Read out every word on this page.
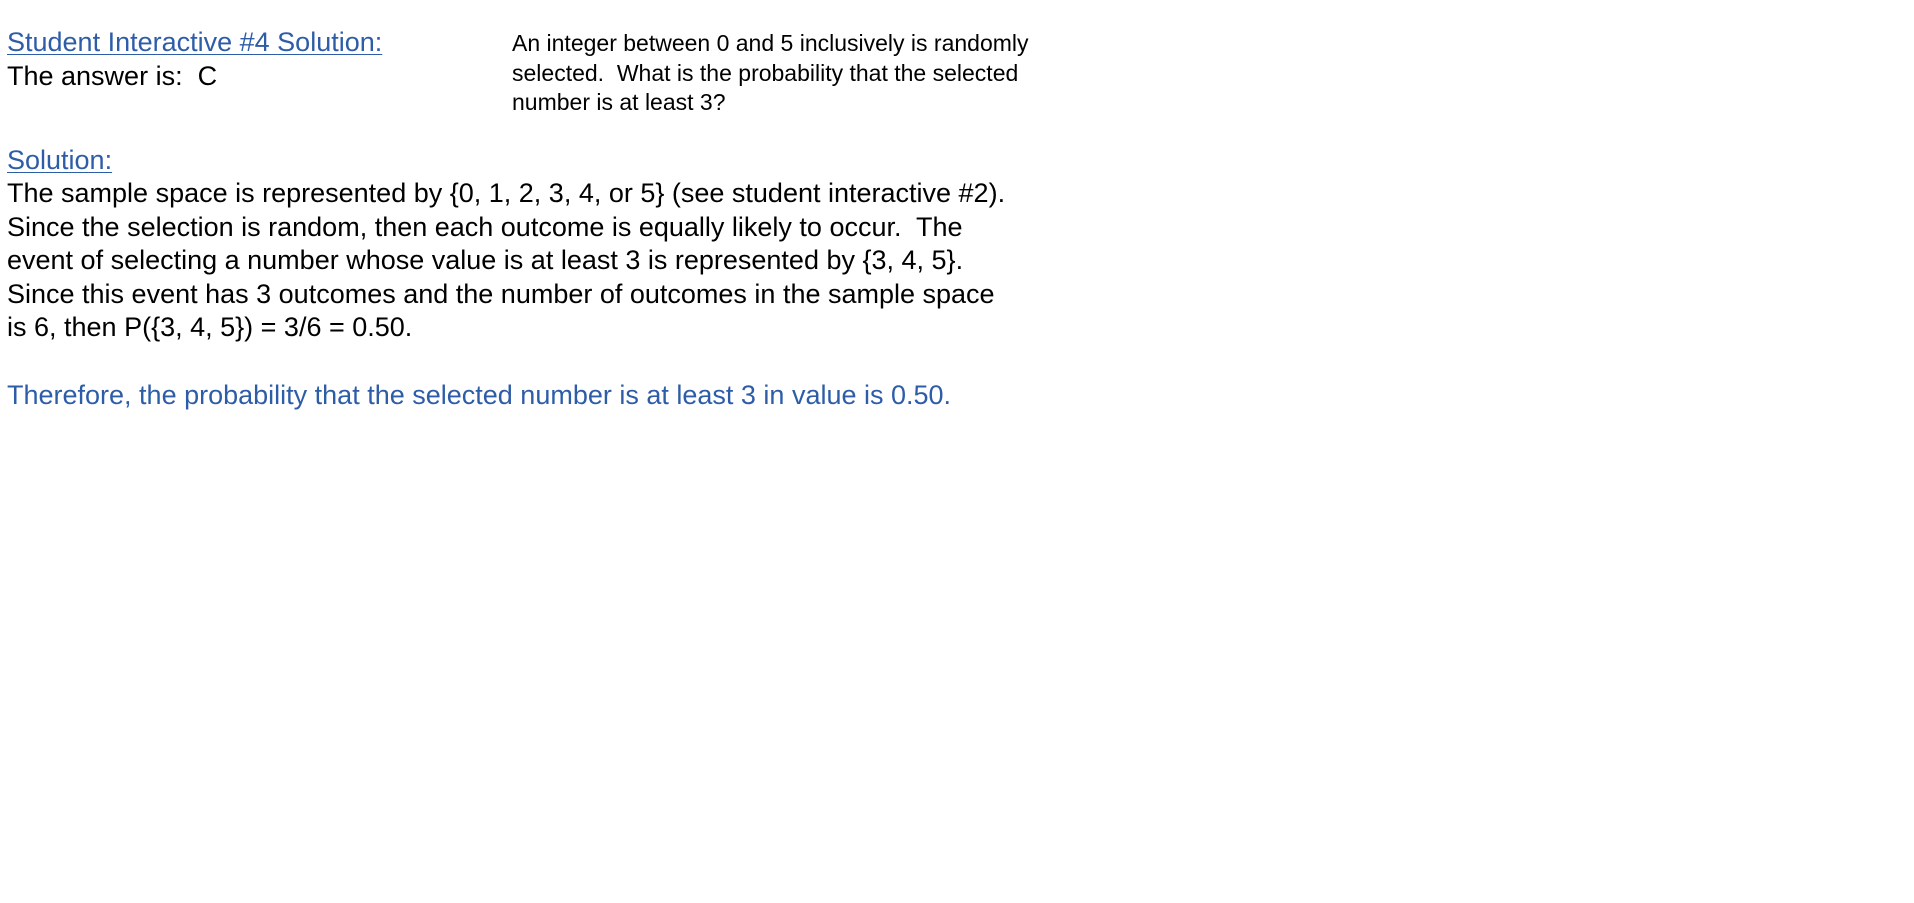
Student Interactive #4 Solution:
The answer is:  C
An integer between 0 and 5 inclusively is randomly
selected.  What is the probability that the selected
number is at least 3?
Solution:
The sample space is represented by {0, 1, 2, 3, 4, or 5} (see student interactive #2).
Since the selection is random, then each outcome is equally likely to occur.  The
event of selecting a number whose value is at least 3 is represented by {3, 4, 5}.
Since this event has 3 outcomes and the number of outcomes in the sample space
is 6, then P({3, 4, 5}) = 3/6 = 0.50.
Therefore, the probability that the selected number is at least 3 in value is 0.50.
